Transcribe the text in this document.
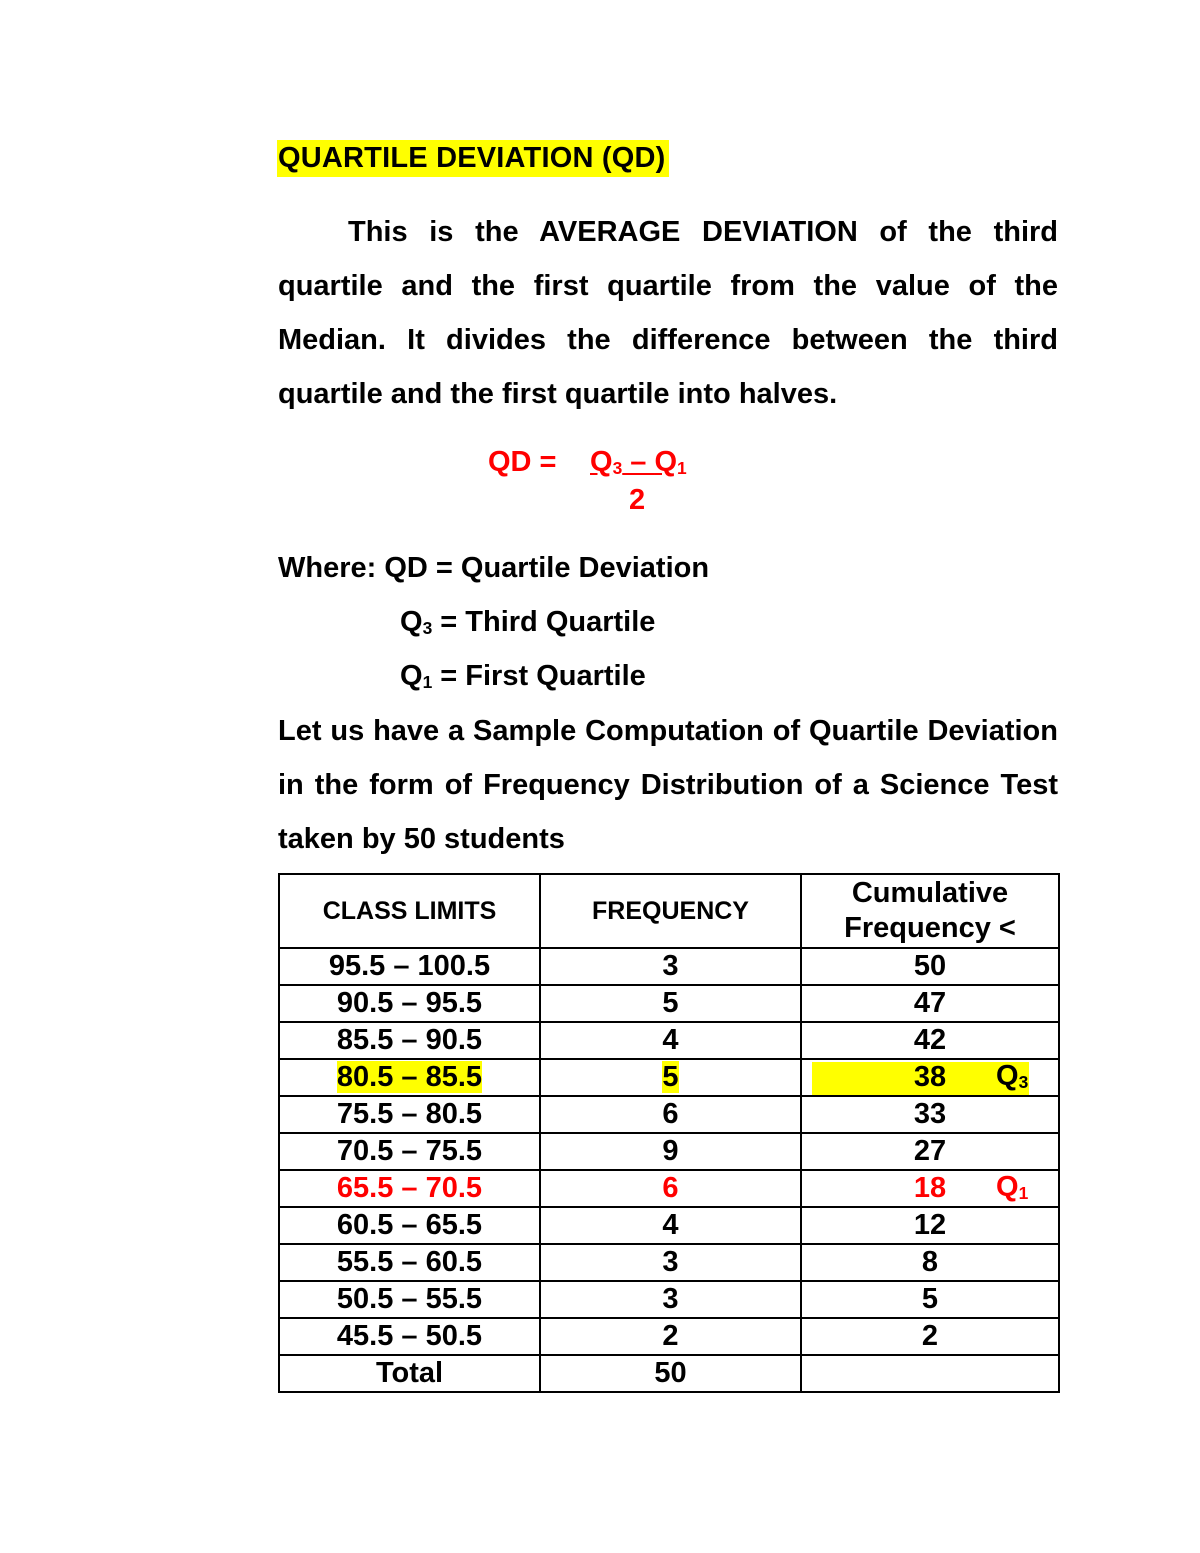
QUARTILE DEVIATION (QD)

This is the AVERAGE DEVIATION of the third quartile and the first quartile from the value of the Median. It divides the difference between the third quartile and the first quartile into halves.

QD = $Q_3 - Q_1$
2
Where: QD = Quartile Deviation
$Q_3$ = Third Quartile
$Q_1$ = First Quartile

Let us have a Sample Computation of Quartile Deviation in the form of Frequency Distribution of a Science Test taken by 50 students

CLASS LIMITS	FREQUENCY	Cumulative
Frequency <

95.5 – 100.5	3	50
90.5 – 95.5	5	47
85.5 – 90.5	4	42
80.5 – 85.5	5	38 $Q_3$

75.5 – 80.5	6	33
70.5 – 75.5	9	27
65.5 – 70.5	6	18 $Q_1$

60.5 – 65.5	4	12
55.5 – 60.5	3	8
50.5 – 55.5	3	5
45.5 – 50.5	2	2
Total	50	
